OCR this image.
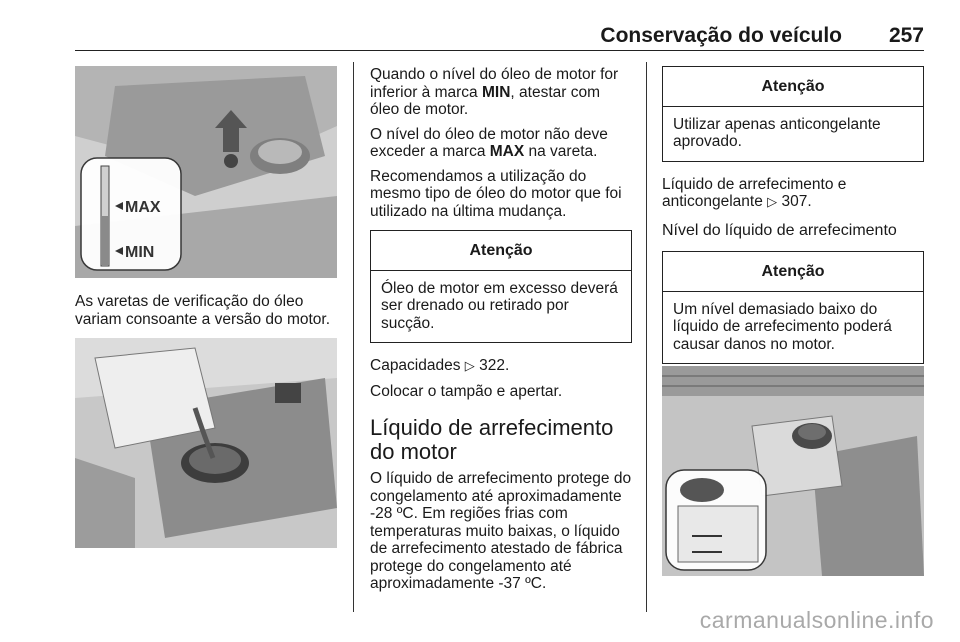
Conservação do veículo 257
MAX
MIN

As varetas de verificação do óleo variam consoante a versão do motor.

Quando o nível do óleo de motor for inferior à marca MIN, atestar com óleo de motor.

O nível do óleo de motor não deve exceder a marca MAX na vareta.

Recomendamos a utilização do mesmo tipo de óleo do motor que foi utilizado na última mudança.

Atenção
Óleo de motor em excesso deverá ser drenado ou retirado por sucção.

Capacidades ▷ 322.

Colocar o tampão e apertar.

Líquido de arrefecimento do motor

O líquido de arrefecimento protege do congelamento até aproximadamente -28 ºC. Em regiões frias com temperaturas muito baixas, o líquido de arrefecimento atestado de fábrica protege do congelamento até aproximadamente -37 ºC.

Atenção
Utilizar apenas anticongelante aprovado.

Líquido de arrefecimento e anticongelante ▷ 307.

Nível do líquido de arrefecimento
Atenção
Um nível demasiado baixo do líquido de arrefecimento poderá causar danos no motor.
carmanualsonline.info
